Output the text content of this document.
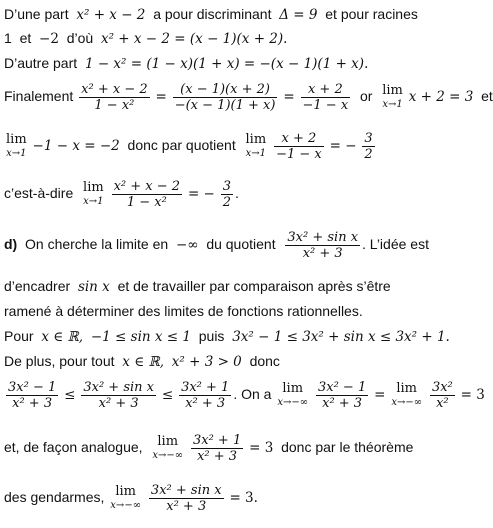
D’une part x² + x − 2 a pour discriminant Δ = 9 et pour racines
1 et −2 d’où x² + x − 2 = (x − 1)(x + 2).
D’autre part 1 − x² = (1 − x)(1 + x) = −(x − 1)(1 + x).
Finalement $\frac{\text{x² + x − 2}}{\text{1 − x²}} = \frac{(x - 1)(x + 2)}{-(x - 1)(1 + x)} = \frac{x + 2}{-1 - x}$ or lim
x→1 x + 2 = 3 et
lim
x→1 −1 − x = −2 donc par quotient lim
x→1
$\frac{x + 2}{-1 - x}$ = − $\frac{3}{2}$
c’est-à-dire lim
x→1
$\frac{\text{x² + x − 2}}{\text{1 − x²}}$ = − $\frac{3}{2}$ .
d) On cherche la limite en −∞ du quotient $\frac{\text{3x² + sin x}}{\text{x² + 3}}$ . L’idée est
d’encadrer sin x et de travailler par comparaison après s’être
ramené à déterminer des limites de fonctions rationnelles.
Pour x ∈ ℝ, −1 ≤ sin x ≤ 1 puis 3x² − 1 ≤ 3x² + sin x ≤ 3x² + 1.
De plus, pour tout x ∈ ℝ, x² + 3 > 0 donc
$\frac{\text{3x² − 1}}{\text{x² + 3}} \le \frac{\text{3x² + sin x}}{\text{x² + 3}} \le \frac{\text{3x² + 1}}{\text{x² + 3}}$ . On a lim
x→−∞
$\frac{\text{3x² − 1}}{\text{x² + 3}} = \lim$
x→−∞
$\frac{\text{3x²}}{\text{x²}} = 3$
et, de façon analogue,	lim
x→−∞
$\frac{\text{3x² + 1}}{\text{x² + 3}} = 3$ donc par le théorème
des gendarmes, lim
x→−∞
$\frac{\text{3x² + sin x}}{\text{x² + 3}} = 3$.
